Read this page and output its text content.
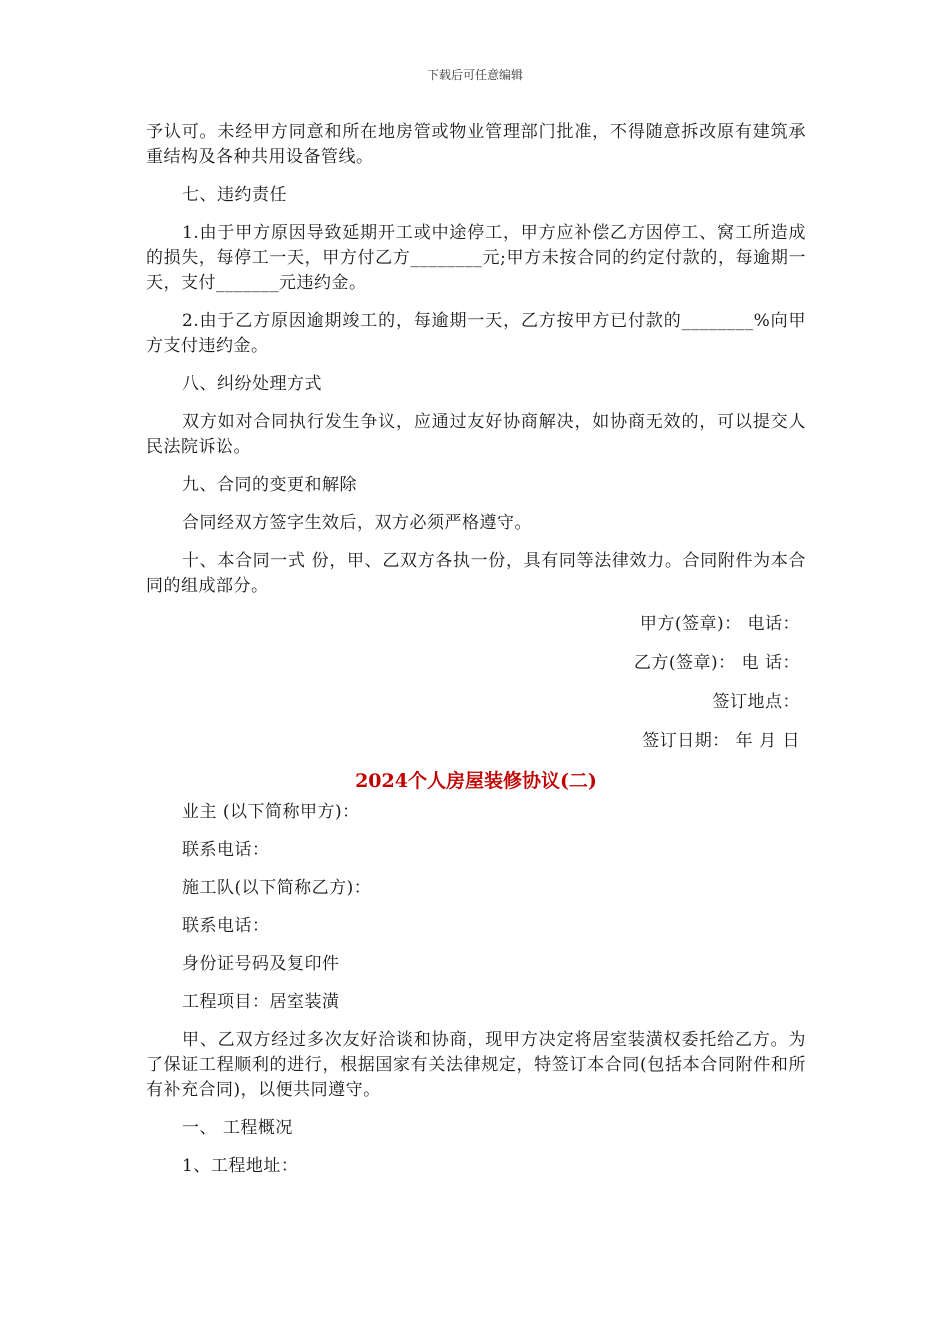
下载后可任意编辑

予认可。未经甲方同意和所在地房管或物业管理部门批准，不得随意拆改原有建筑承重结构及各种共用设备管线。

七、违约责任

1.由于甲方原因导致延期开工或中途停工，甲方应补偿乙方因停工、窝工所造成的损失，每停工一天，甲方付乙方________元;甲方未按合同的约定付款的，每逾期一天，支付_______元违约金。

2.由于乙方原因逾期竣工的，每逾期一天，乙方按甲方已付款的________%向甲方支付违约金。

八、纠纷处理方式

双方如对合同执行发生争议，应通过友好协商解决，如协商无效的，可以提交人民法院诉讼。

九、合同的变更和解除

合同经双方签字生效后，双方必须严格遵守。

十、本合同一式 份，甲、乙双方各执一份，具有同等法律效力。合同附件为本合同的组成部分。

甲方(签章)： 电话：
乙方(签章)： 电 话：
签订地点：
签订日期： 年 月 日
2024个人房屋装修协议(二)
业主 (以下简称甲方)：
联系电话：
施工队(以下简称乙方)：
联系电话：
身份证号码及复印件
工程项目：居室装潢

甲、乙双方经过多次友好洽谈和协商，现甲方决定将居室装潢权委托给乙方。为了保证工程顺利的进行，根据国家有关法律规定，特签订本合同(包括本合同附件和所有补充合同)，以便共同遵守。

一、 工程概况
1、工程地址：
